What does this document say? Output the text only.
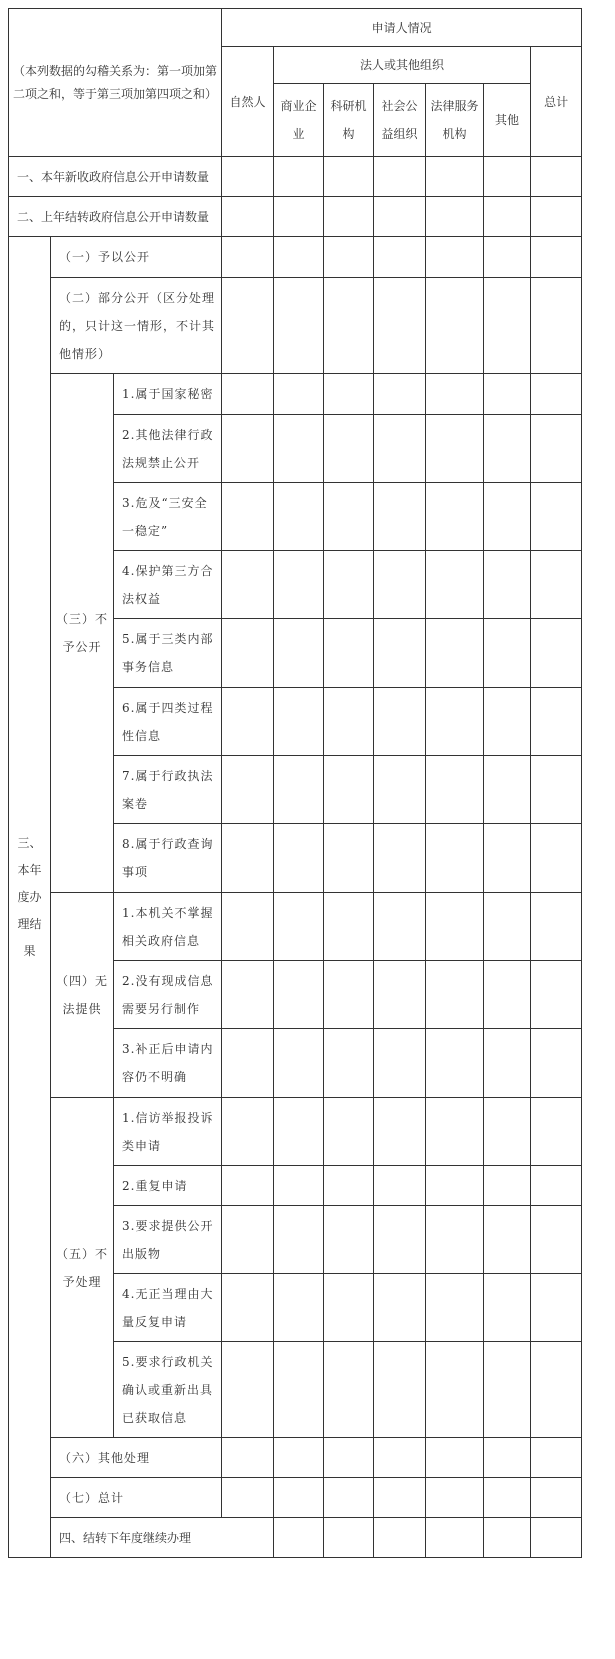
（本列数据的勾稽关系为：第一项加第二项之和，等于第三项加第四项之和）			申请人情况							
			自然人	法人或其他组织					总计	
				商业企业	科研机构	社会公益组织	法律服务机构	其他		
一、本年新收政府信息公开申请数量										
二、上年结转政府信息公开申请数量										
三、本年度办理结果	（一）予以公开									
	（二）部分公开（区分处理的，只计这一情形，不计其他情形）									
	（三）不予公开	1.属于国家秘密								
		2.其他法律行政法规禁止公开								
		3.危及“三安全一稳定”								
		4.保护第三方合法权益								
		5.属于三类内部事务信息								
		6.属于四类过程性信息								
		7.属于行政执法案卷								
		8.属于行政查询事项								
	（四）无法提供	1.本机关不掌握相关政府信息								
		2.没有现成信息需要另行制作								
		3.补正后申请内容仍不明确								
	（五）不予处理	1.信访举报投诉类申请								
		2.重复申请								
		3.要求提供公开出版物								
		4.无正当理由大量反复申请								
		5.要求行政机关确认或重新出具已获取信息								
	（六）其他处理									
	（七）总计									
	四、结转下年度继续办理									
